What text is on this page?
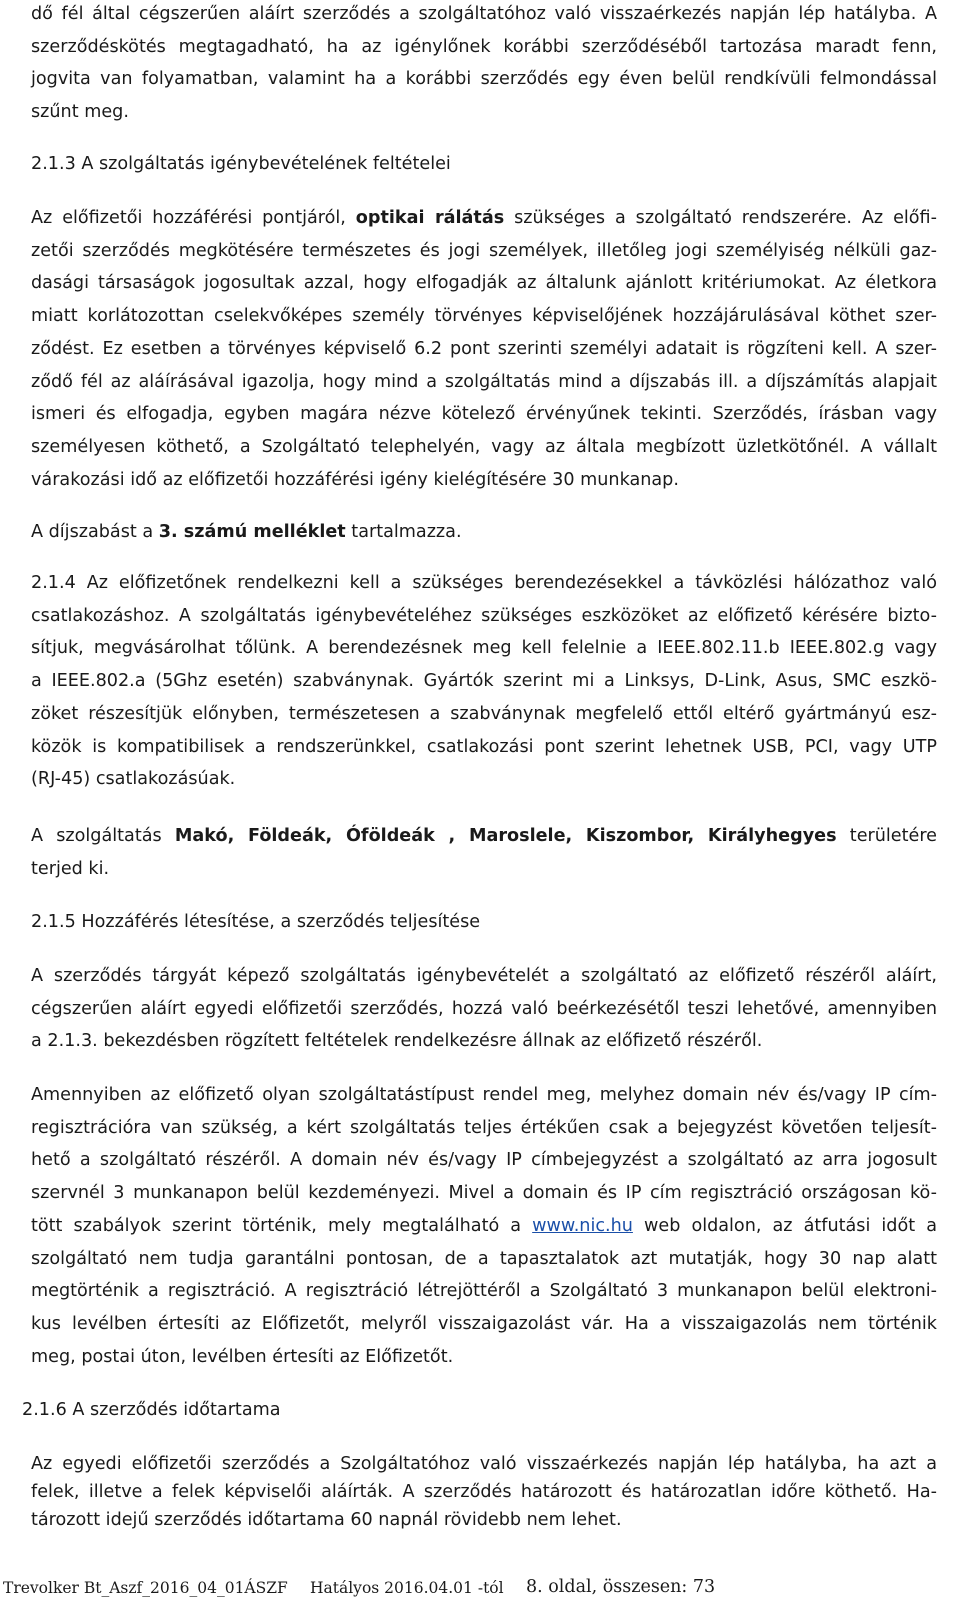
dő fél által cégszerűen aláírt szerződés a szolgáltatóhoz való visszaérkezés napján lép hatályba. A
szerződéskötés megtagadható, ha az igénylőnek korábbi szerződéséből tartozása maradt fenn,
jogvita van folyamatban, valamint ha a korábbi szerződés egy éven belül rendkívüli felmondással
szűnt meg.
2.1.3 A szolgáltatás igénybevételének feltételei
Az előfizetői hozzáférési pontjáról, optikai rálátás szükséges a szolgáltató rendszerére. Az előfi-
zetői szerződés megkötésére természetes és jogi személyek, illetőleg jogi személyiség nélküli gaz-
dasági társaságok jogosultak azzal, hogy elfogadják az általunk ajánlott kritériumokat. Az életkora
miatt korlátozottan cselekvőképes személy törvényes képviselőjének hozzájárulásával köthet szer-
ződést. Ez esetben a törvényes képviselő 6.2 pont szerinti személyi adatait is rögzíteni kell. A szer-
ződő fél az aláírásával igazolja, hogy mind a szolgáltatás mind a díjszabás ill. a díjszámítás alapjait
ismeri és elfogadja, egyben magára nézve kötelező érvényűnek tekinti. Szerződés, írásban vagy
személyesen köthető, a Szolgáltató telephelyén, vagy az általa megbízott üzletkötőnél. A vállalt
várakozási idő az előfizetői hozzáférési igény kielégítésére 30 munkanap.
A díjszabást a 3. számú melléklet tartalmazza.
2.1.4 Az előfizetőnek rendelkezni kell a szükséges berendezésekkel a távközlési hálózathoz való
csatlakozáshoz. A szolgáltatás igénybevételéhez szükséges eszközöket az előfizető kérésére bizto-
sítjuk, megvásárolhat tőlünk. A berendezésnek meg kell felelnie a IEEE.802.11.b IEEE.802.g vagy
a IEEE.802.a (5Ghz esetén) szabványnak. Gyártók szerint mi a Linksys, D-Link, Asus, SMC eszkö-
zöket részesítjük előnyben, természetesen a szabványnak megfelelő ettől eltérő gyártmányú esz-
közök is kompatibilisek a rendszerünkkel, csatlakozási pont szerint lehetnek USB, PCI, vagy UTP
(RJ-45) csatlakozásúak.
A szolgáltatás Makó, Földeák, Óföldeák , Maroslele, Kiszombor, Királyhegyes területére
terjed ki.
2.1.5 Hozzáférés létesítése, a szerződés teljesítése
A szerződés tárgyát képező szolgáltatás igénybevételét a szolgáltató az előfizető részéről aláírt,
cégszerűen aláírt egyedi előfizetői szerződés, hozzá való beérkezésétől teszi lehetővé, amennyiben
a 2.1.3. bekezdésben rögzített feltételek rendelkezésre állnak az előfizető részéről.
Amennyiben az előfizető olyan szolgáltatástípust rendel meg, melyhez domain név és/vagy IP cím-
regisztrációra van szükség, a kért szolgáltatás teljes értékűen csak a bejegyzést követően teljesít-
hető a szolgáltató részéről. A domain név és/vagy IP címbejegyzést a szolgáltató az arra jogosult
szervnél 3 munkanapon belül kezdeményezi. Mivel a domain és IP cím regisztráció országosan kö-
tött szabályok szerint történik, mely megtalálható a www.nic.hu web oldalon, az átfutási időt a
szolgáltató nem tudja garantálni pontosan, de a tapasztalatok azt mutatják, hogy 30 nap alatt
megtörténik a regisztráció. A regisztráció létrejöttéről a Szolgáltató 3 munkanapon belül elektroni-
kus levélben értesíti az Előfizetőt, melyről visszaigazolást vár. Ha a visszaigazolás nem történik
meg, postai úton, levélben értesíti az Előfizetőt.
2.1.6 A szerződés időtartama
Az egyedi előfizetői szerződés a Szolgáltatóhoz való visszaérkezés napján lép hatályba, ha azt a
felek, illetve a felek képviselői aláírták. A szerződés határozott és határozatlan időre köthető. Ha-
tározott idejű szerződés időtartama 60 napnál rövidebb nem lehet.
Trevolker Bt_Aszf_2016_04_01ÁSZF Hatályos 2016.04.01 -tól 8. oldal, összesen: 73
